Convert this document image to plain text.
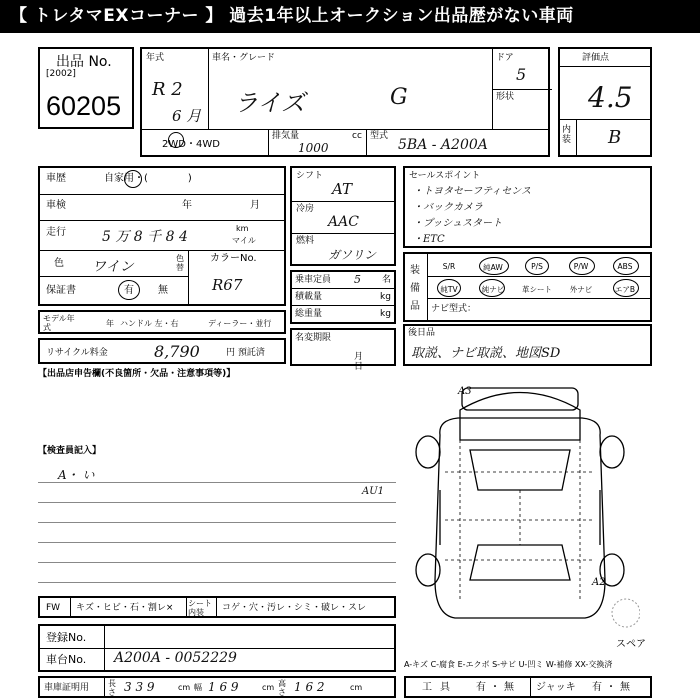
【 トレタマEXコーナー 】 過去1年以上オークション出品歴がない車両
出品 No.
[2002]
60205
年式
R 2
6 月
車名・グレード
ライズ	G
ドア
5
形状
2WD・4WD
排気量	cc
1000
型式
5BA - A200A
評価点
4.5
内装 B
車歴	自家用・(　　　　)
車検	年	月
走行	5 万 8 千 8 4
km
マイル
色 ワイン
色替
カラーNo.
R67
保証書	有 無
モデル年式	年 ハンドル 左・右	ディーラー・並行
リサイクル料金	8,790	円 預託済
シフト
AT
冷房
AAC
燃料
ガソリン
乗車定員 5 名
積載量	kg
総重量	kg
名変期限
月日
セールスポイント
・トヨタセーフティセンス
・バックカメラ
・プッシュスタート
・ETC
装備品
S/R	純AW	P/S	P/W	ABS
純TV	純ナビ	革シート	外ナビ	エアB
ナビ型式：
後日品
取説、ナビ取説、地図SD
【出品店申告欄(不良箇所・欠品・注意事項等)】
【検査員記入】
A・ い
A3
A2
AU1
スペア
FW キズ・ヒビ・石・割レ× シート内装	コゲ・穴・汚レ・シミ・破レ・スレ
登録No.
車台No. A200A - 0052229	A-キズ C-腐食 E-エクボ S-サビ U-凹ミ W-補修 XX-交換済
車庫証明用 長さ 3 3 9	cm 幅 1 6 9	cm 高さ 1 6 2	cm	工具 有・無 ジャッキ 有・無
